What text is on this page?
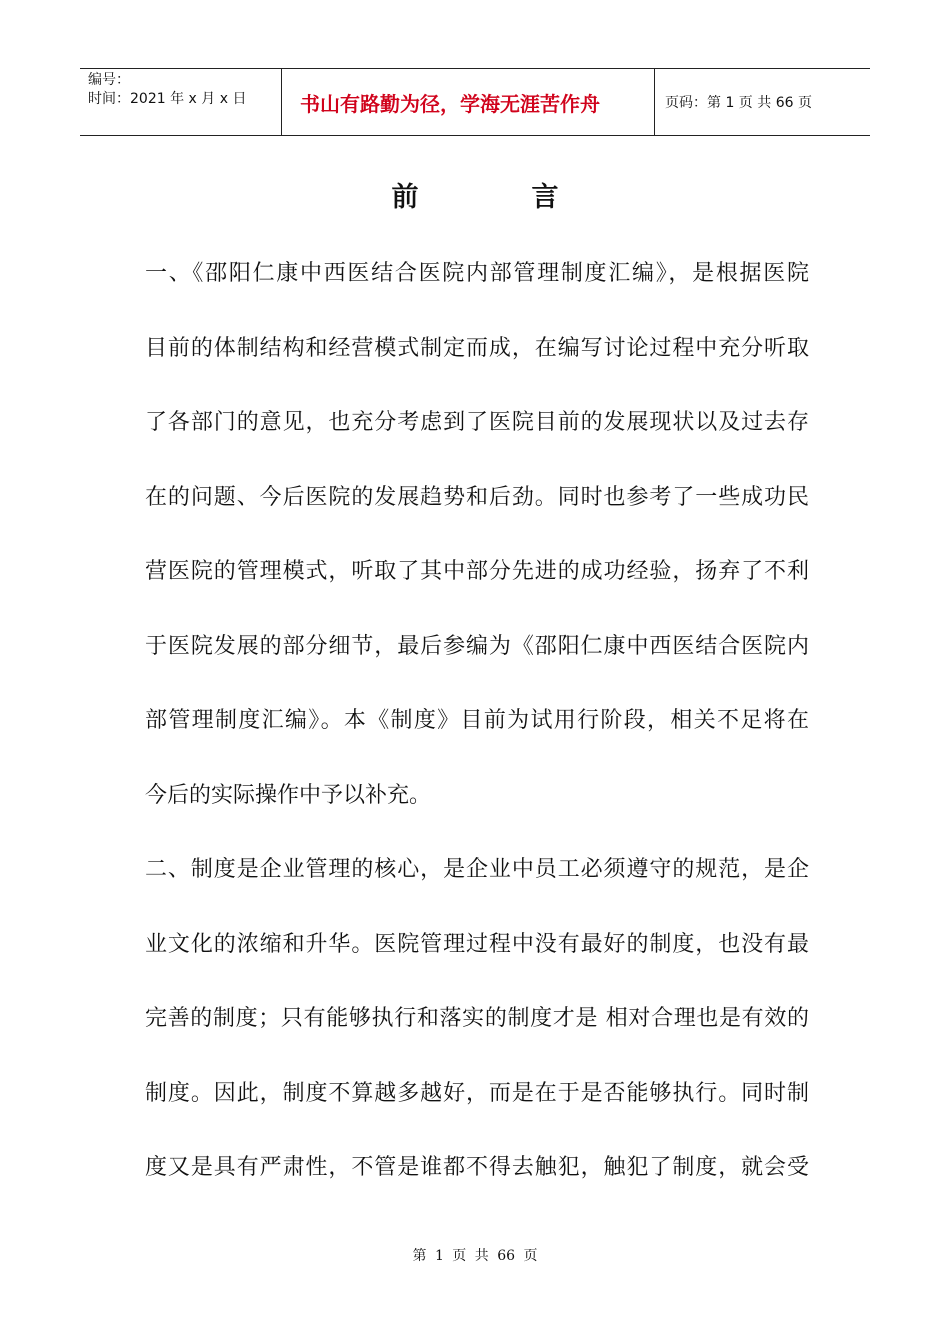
编号：
时间：2021 年 x 月 x 日	书山有路勤为径，学海无涯苦作舟	页码：第 1 页 共 66 页
前言
一、《邵阳仁康中西医结合医院内部管理制度汇编》，是根据医院
目前的体制结构和经营模式制定而成，在编写讨论过程中充分听取
了各部门的意见，也充分考虑到了医院目前的发展现状以及过去存
在的问题、今后医院的发展趋势和后劲。同时也参考了一些成功民
营医院的管理模式，听取了其中部分先进的成功经验，扬弃了不利
于医院发展的部分细节，最后参编为《邵阳仁康中西医结合医院内
部管理制度汇编》。本《制度》目前为试用行阶段，相关不足将在
今后的实际操作中予以补充。
二、制度是企业管理的核心，是企业中员工必须遵守的规范，是企
业文化的浓缩和升华。医院管理过程中没有最好的制度，也没有最
完善的制度；只有能够执行和落实的制度才是 相对合理也是有效的
制度。因此，制度不算越多越好，而是在于是否能够执行。同时制
度又是具有严肃性，不管是谁都不得去触犯，触犯了制度，就会受
第 1 页 共 66 页
